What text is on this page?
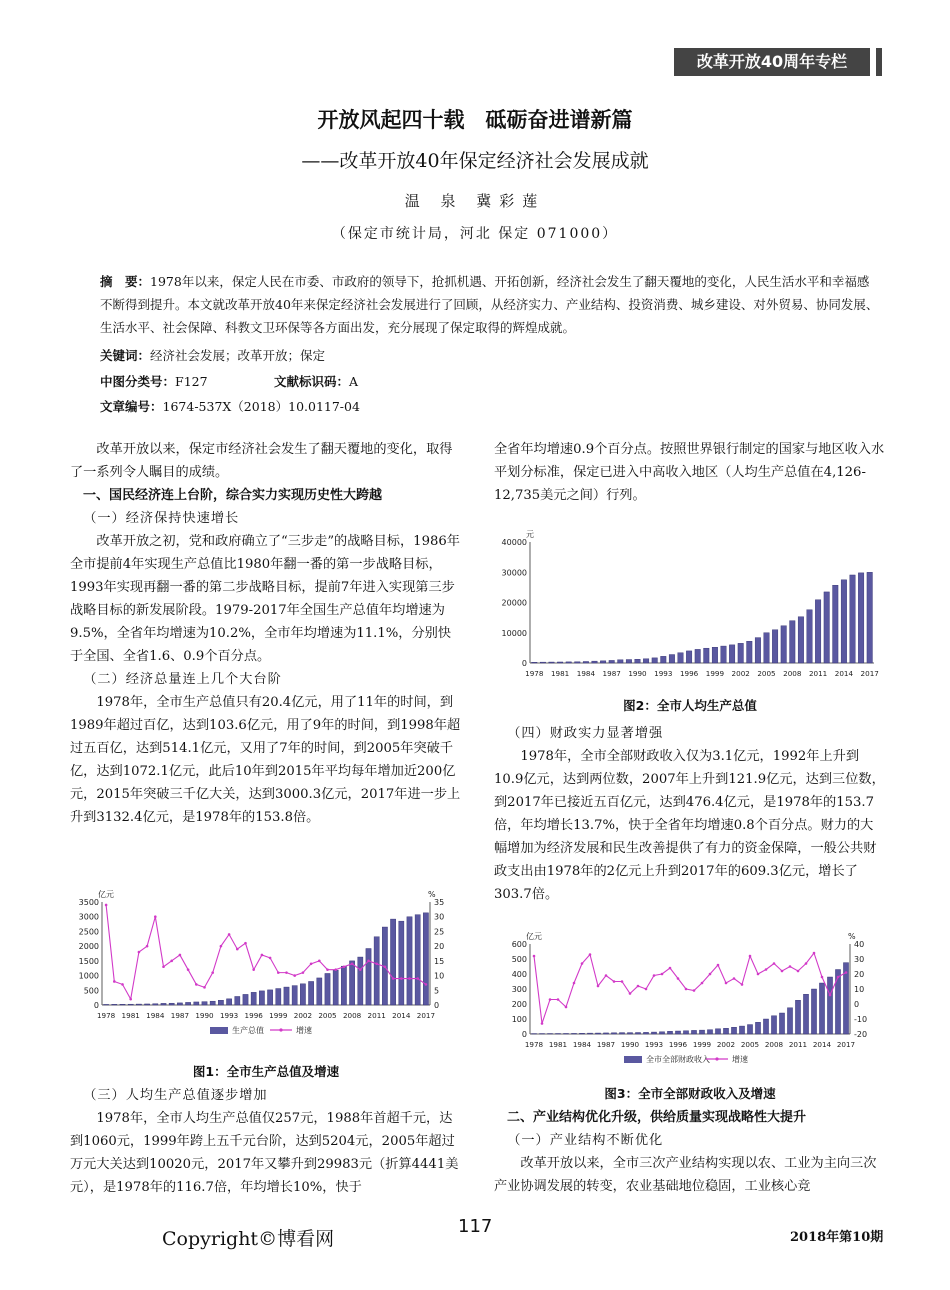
改革开放40周年专栏
开放风起四十载　砥砺奋进谱新篇
——改革开放40年保定经济社会发展成就
温 泉 冀彩莲
（保定市统计局，河北 保定 071000）
摘　要：1978年以来，保定人民在市委、市政府的领导下，抢抓机遇、开拓创新，经济社会发生了翻天覆地的变化，人民生活水平和幸福感不断得到提升。本文就改革开放40年来保定经济社会发展进行了回顾，从经济实力、产业结构、投资消费、城乡建设、对外贸易、协同发展、生活水平、社会保障、科教文卫环保等各方面出发，充分展现了保定取得的辉煌成就。
关键词：经济社会发展；改革开放；保定
中图分类号：F127	文献标识码：A
文章编号：1674-537X（2018）10.0117-04
改革开放以来，保定市经济社会发生了翻天覆地的变化，取得了一系列令人瞩目的成绩。
一、国民经济连上台阶，综合实力实现历史性大跨越
（一）经济保持快速增长
改革开放之初，党和政府确立了“三步走”的战略目标，1986年全市提前4年实现生产总值比1980年翻一番的第一步战略目标，1993年实现再翻一番的第二步战略目标，提前7年进入实现第三步战略目标的新发展阶段。1979-2017年全国生产总值年均增速为9.5%，全省年均增速为10.2%，全市年均增速为11.1%，分别快于全国、全省1.6、0.9个百分点。
（二）经济总量连上几个大台阶
1978年，全市生产总值只有20.4亿元，用了11年的时间，到1989年超过百亿，达到103.6亿元，用了9年的时间，到1998年超过五百亿，达到514.1亿元，又用了7年的时间，到2005年突破千亿，达到1072.1亿元，此后10年到2015年平均每年增加近200亿元，2015年突破三千亿大关，达到3000.3亿元，2017年进一步上升到3132.4亿元，是1978年的153.8倍。
0
500
1000
1500
2000
2500
3000
3500
亿元
1978 1981 1984 1987 1990 1993 1996 1999 2002 2005 2008 2011 2014 2017
0
5
10
15
20
25
30
35
%
生产总值	增速
图1：全市生产总值及增速
（三）人均生产总值逐步增加
1978年，全市人均生产总值仅257元，1988年首超千元，达到1060元，1999年跨上五千元台阶，达到5204元，2005年超过万元大关达到10020元，2017年又攀升到29983元（折算4441美元），是1978年的116.7倍，年均增长10%，快于
全省年均增速0.9个百分点。按照世界银行制定的国家与地区收入水平划分标准，保定已进入中高收入地区（人均生产总值在4,126-12,735美元之间）行列。
0
10000
20000
30000
40000
元
1978 1981 1984 1987 1990 1993 1996 1999 2002 2005 2008 2011 2014 2017
图2：全市人均生产总值
（四）财政实力显著增强
1978年，全市全部财政收入仅为3.1亿元，1992年上升到10.9亿元，达到两位数，2007年上升到121.9亿元，达到三位数，到2017年已接近五百亿元，达到476.4亿元，是1978年的153.7倍，年均增长13.7%，快于全省年均增速0.8个百分点。财力的大幅增加为经济发展和民生改善提供了有力的资金保障，一般公共财政支出由1978年的2亿元上升到2017年的609.3亿元，增长了303.7倍。
0
100
200
300
400
500
600
亿元
1978 1981 1984 1987 1990 1993 1996 1999 2002 2005 2008 2011 2014 2017
-20
-10
0
10
20
30
40
%
全市全部财政收入	增速
图3：全市全部财政收入及增速
二、产业结构优化升级，供给质量实现战略性大提升
（一）产业结构不断优化
改革开放以来，全市三次产业结构实现以农、工业为主向三次产业协调发展的转变，农业基础地位稳固，工业核心竞
Copyright©博看网
117
2018年第10期
